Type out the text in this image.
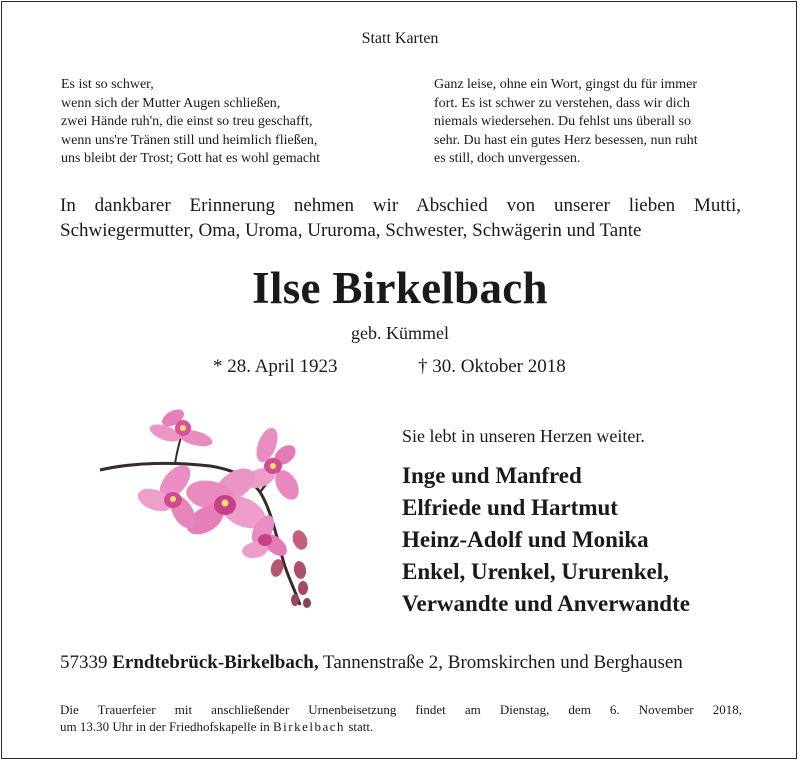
Statt Karten
Es ist so schwer,
wenn sich der Mutter Augen schließen,
zwei Hände ruh'n, die einst so treu geschafft,
wenn uns're Tränen still und heimlich fließen,
uns bleibt der Trost; Gott hat es wohl gemacht
Ganz leise, ohne ein Wort, gingst du für immer
fort. Es ist schwer zu verstehen, dass wir dich
niemals wiedersehen. Du fehlst uns überall so
sehr. Du hast ein gutes Herz besessen, nun ruht
es still, doch unvergessen.
In dankbarer Erinnerung nehmen wir Abschied von unserer lieben Mutti,
Schwiegermutter, Oma, Uroma, Ururoma, Schwester, Schwägerin und Tante
Ilse Birkelbach
geb. Kümmel
* 28. April 1923	† 30. Oktober 2018
Sie lebt in unseren Herzen weiter.
Inge und Manfred
Elfriede und Hartmut
Heinz-Adolf und Monika
Enkel, Urenkel, Ururenkel,
Verwandte und Anverwandte
57339 Erndtebrück-Birkelbach, Tannenstraße 2, Bromskirchen und Berghausen
Die Trauerfeier mit anschließender Urnenbeisetzung findet am Dienstag, dem 6. November 2018,
um 13.30 Uhr in der Friedhofskapelle in Birkelbach statt.
